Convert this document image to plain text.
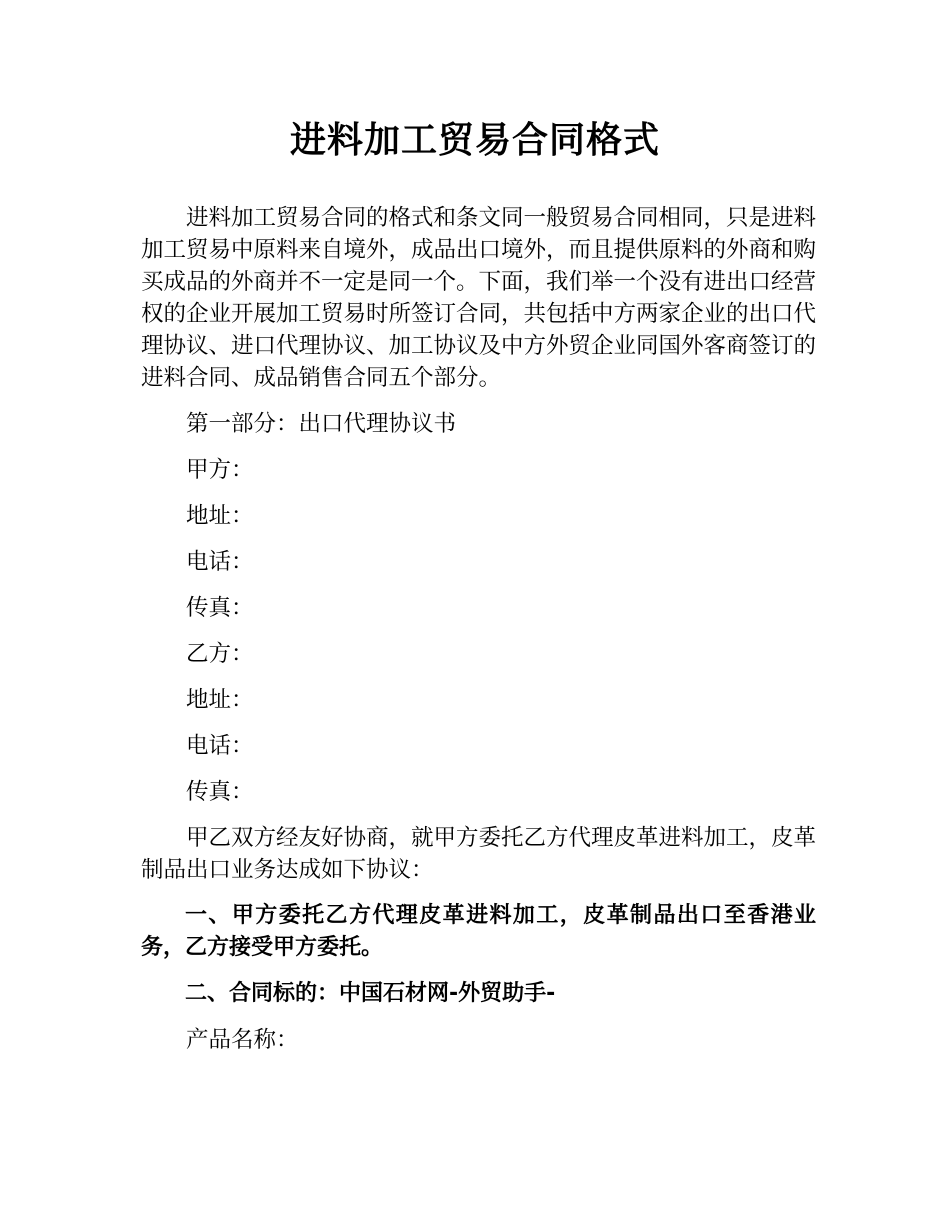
进料加工贸易合同格式

进料加工贸易合同的格式和条文同一般贸易合同相同，只是进料加工贸易中原料来自境外，成品出口境外，而且提供原料的外商和购买成品的外商并不一定是同一个。下面，我们举一个没有进出口经营权的企业开展加工贸易时所签订合同，共包括中方两家企业的出口代理协议、进口代理协议、加工协议及中方外贸企业同国外客商签订的进料合同、成品销售合同五个部分。

第一部分：出口代理协议书

甲方：

地址：

电话：

传真：

乙方：

地址：

电话：

传真：

甲乙双方经友好协商，就甲方委托乙方代理皮革进料加工，皮革制品出口业务达成如下协议：

一、甲方委托乙方代理皮革进料加工，皮革制品出口至香港业务，乙方接受甲方委托。

二、合同标的：中国石材网-外贸助手-

产品名称：
